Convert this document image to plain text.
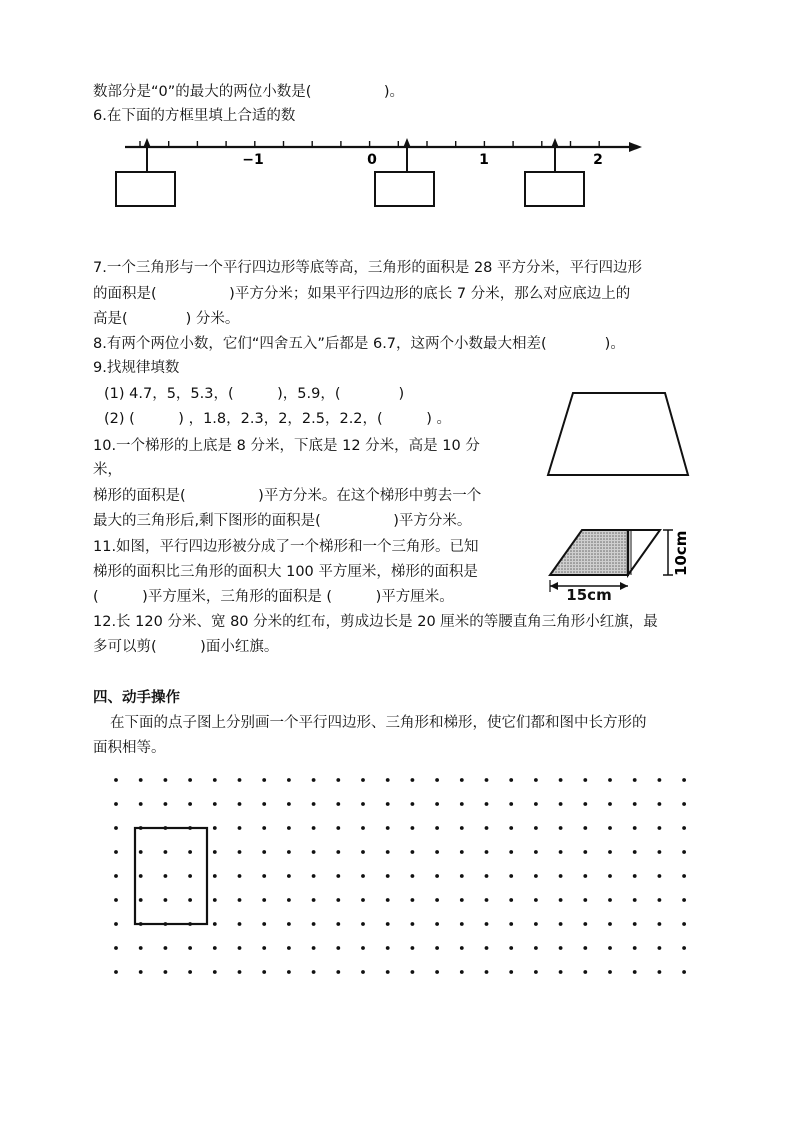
数部分是“0”的最大的两位小数是(　　　　　)。
6.在下面的方框里填上合适的数
−1	0	1	2
7.一个三角形与一个平行四边形等底等高，三角形的面积是 28 平方分米，平行四边形
的面积是(　　　　　)平方分米；如果平行四边形的底长 7 分米，那么对应底边上的
高是(　　　　) 分米。
8.有两个两位小数，它们“四舍五入”后都是 6.7，这两个小数最大相差(　　　　)。
9.找规律填数
(1) 4.7，5，5.3，(　　　)，5.9，(　　　　)
(2) (　　　) ，1.8，2.3，2，2.5，2.2，(　　　) 。
10.一个梯形的上底是 8 分米，下底是 12 分米，高是 10 分
米，
梯形的面积是(　　　　　)平方分米。在这个梯形中剪去一个
最大的三角形后,剩下图形的面积是(　　　　　)平方分米。
11.如图，平行四边形被分成了一个梯形和一个三角形。已知
梯形的面积比三角形的面积大 100 平方厘米，梯形的面积是
(　　　)平方厘米，三角形的面积是 (　　　)平方厘米。
12.长 120 分米、宽 80 分米的红布，剪成边长是 20 厘米的等腰直角三角形小红旗，最
多可以剪(　　　)面小红旗。
10cm
15cm
四、动手操作
在下面的点子图上分别画一个平行四边形、三角形和梯形，使它们都和图中长方形的
面积相等。
